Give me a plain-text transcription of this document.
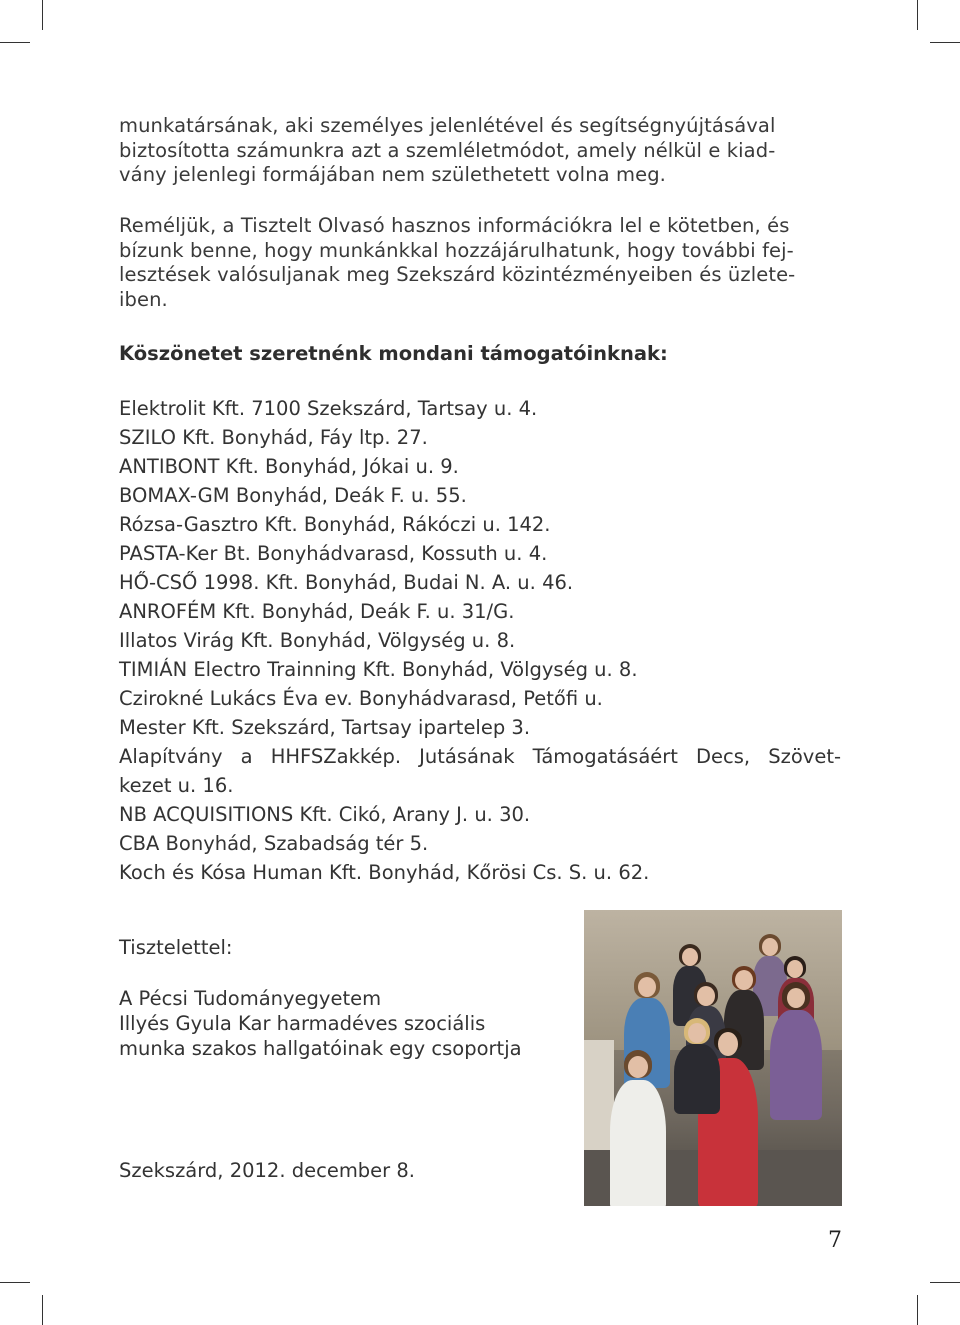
munkatársának, aki személyes jelenlétével és segítségnyújtásával
biztosította számunkra azt a szemléletmódot, amely nélkül e kiad-
vány jelenlegi formájában nem születhetett volna meg.

Reméljük, a Tisztelt Olvasó hasznos információkra lel e kötetben, és
bízunk benne, hogy munkánkkal hozzájárulhatunk, hogy további fej-
lesztések valósuljanak meg Szekszárd közintézményeiben és üzlete-
iben.

Köszönetet szeretnénk mondani támogatóinknak:
Elektrolit Kft. 7100 Szekszárd, Tartsay u. 4.
SZILO Kft. Bonyhád, Fáy ltp. 27.
ANTIBONT Kft. Bonyhád, Jókai u. 9.
BOMAX-GM Bonyhád, Deák F. u. 55.
Rózsa-Gasztro Kft. Bonyhád, Rákóczi u. 142.
PASTA-Ker Bt. Bonyhádvarasd, Kossuth u. 4.
HŐ-CSŐ 1998. Kft. Bonyhád, Budai N. A. u. 46.
ANROFÉM Kft. Bonyhád, Deák F. u. 31/G.
Illatos Virág Kft. Bonyhád, Völgység u. 8.
TIMIÁN Electro Trainning Kft. Bonyhád, Völgység u. 8.
Czirokné Lukács Éva ev. Bonyhádvarasd, Petőfi u.
Mester Kft. Szekszárd, Tartsay ipartelep 3.
Alapítvány a HHFSZakkép. Jutásának Támogatásáért Decs, Szövet-
kezet u. 16.
NB ACQUISITIONS Kft. Cikó, Arany J. u. 30.
CBA Bonyhád, Szabadság tér 5.
Koch és Kósa Human Kft. Bonyhád, Kőrösi Cs. S. u. 62.
Tisztelettel:
A Pécsi Tudományegyetem
Illyés Gyula Kar harmadéves szociális
munka szakos hallgatóinak egy csoportja
Szekszárd, 2012. december 8.
7
